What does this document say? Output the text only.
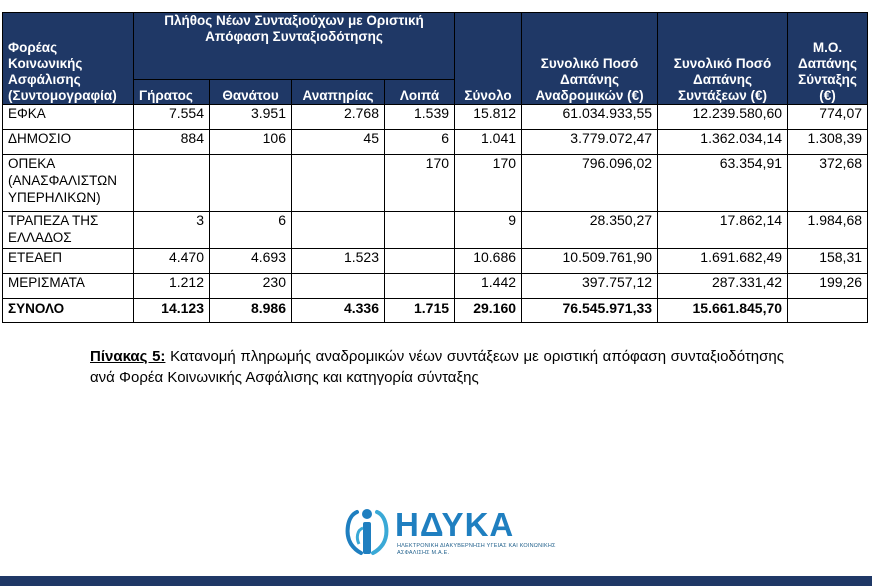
Φορέας Κοινωνικής Ασφάλισης (Συντομογραφία)	Πλήθος Νέων Συνταξιούχων με Οριστική Απόφαση Συνταξιοδότησης				Σύνολο	Συνολικό Ποσό Δαπάνης Αναδρομικών (€)	Συνολικό Ποσό Δαπάνης Συντάξεων (€)	Μ.Ο. Δαπάνης Σύνταξης (€)
	Γήρατος	Θανάτου	Αναπηρίας	Λοιπά				
ΕΦΚΑ	7.554	3.951	2.768	1.539	15.812	61.034.933,55	12.239.580,60	774,07
ΔΗΜΟΣΙΟ	884	106	45	6	1.041	3.779.072,47	1.362.034,14	1.308,39
ΟΠΕΚΑ (ΑΝΑΣΦΑΛΙΣΤΩΝ ΥΠΕΡΗΛΙΚΩΝ)				170	170	796.096,02	63.354,91	372,68
ΤΡΑΠΕΖΑ ΤΗΣ ΕΛΛΑΔΟΣ	3	6			9	28.350,27	17.862,14	1.984,68
ΕΤΕΑΕΠ	4.470	4.693	1.523		10.686	10.509.761,90	1.691.682,49	158,31
ΜΕΡΙΣΜΑΤΑ	1.212	230			1.442	397.757,12	287.331,42	199,26
ΣΥΝΟΛΟ	14.123	8.986	4.336	1.715	29.160	76.545.971,33	15.661.845,70	
Πίνακας 5: Κατανομή πληρωμής αναδρομικών νέων συντάξεων με οριστική απόφαση συνταξιοδότησης ανά Φορέα Κοινωνικής Ασφάλισης και κατηγορία σύνταξης
ΗΔΥΚΑ
ΗΛΕΚΤΡΟΝΙΚΗ ΔΙΑΚΥΒΕΡΝΗΣΗ ΥΓΕΙΑΣ ΚΑΙ ΚΟΙΝΩΝΙΚΗΣ ΑΣΦΑΛΙΣΗΣ Μ.Α.Ε.
